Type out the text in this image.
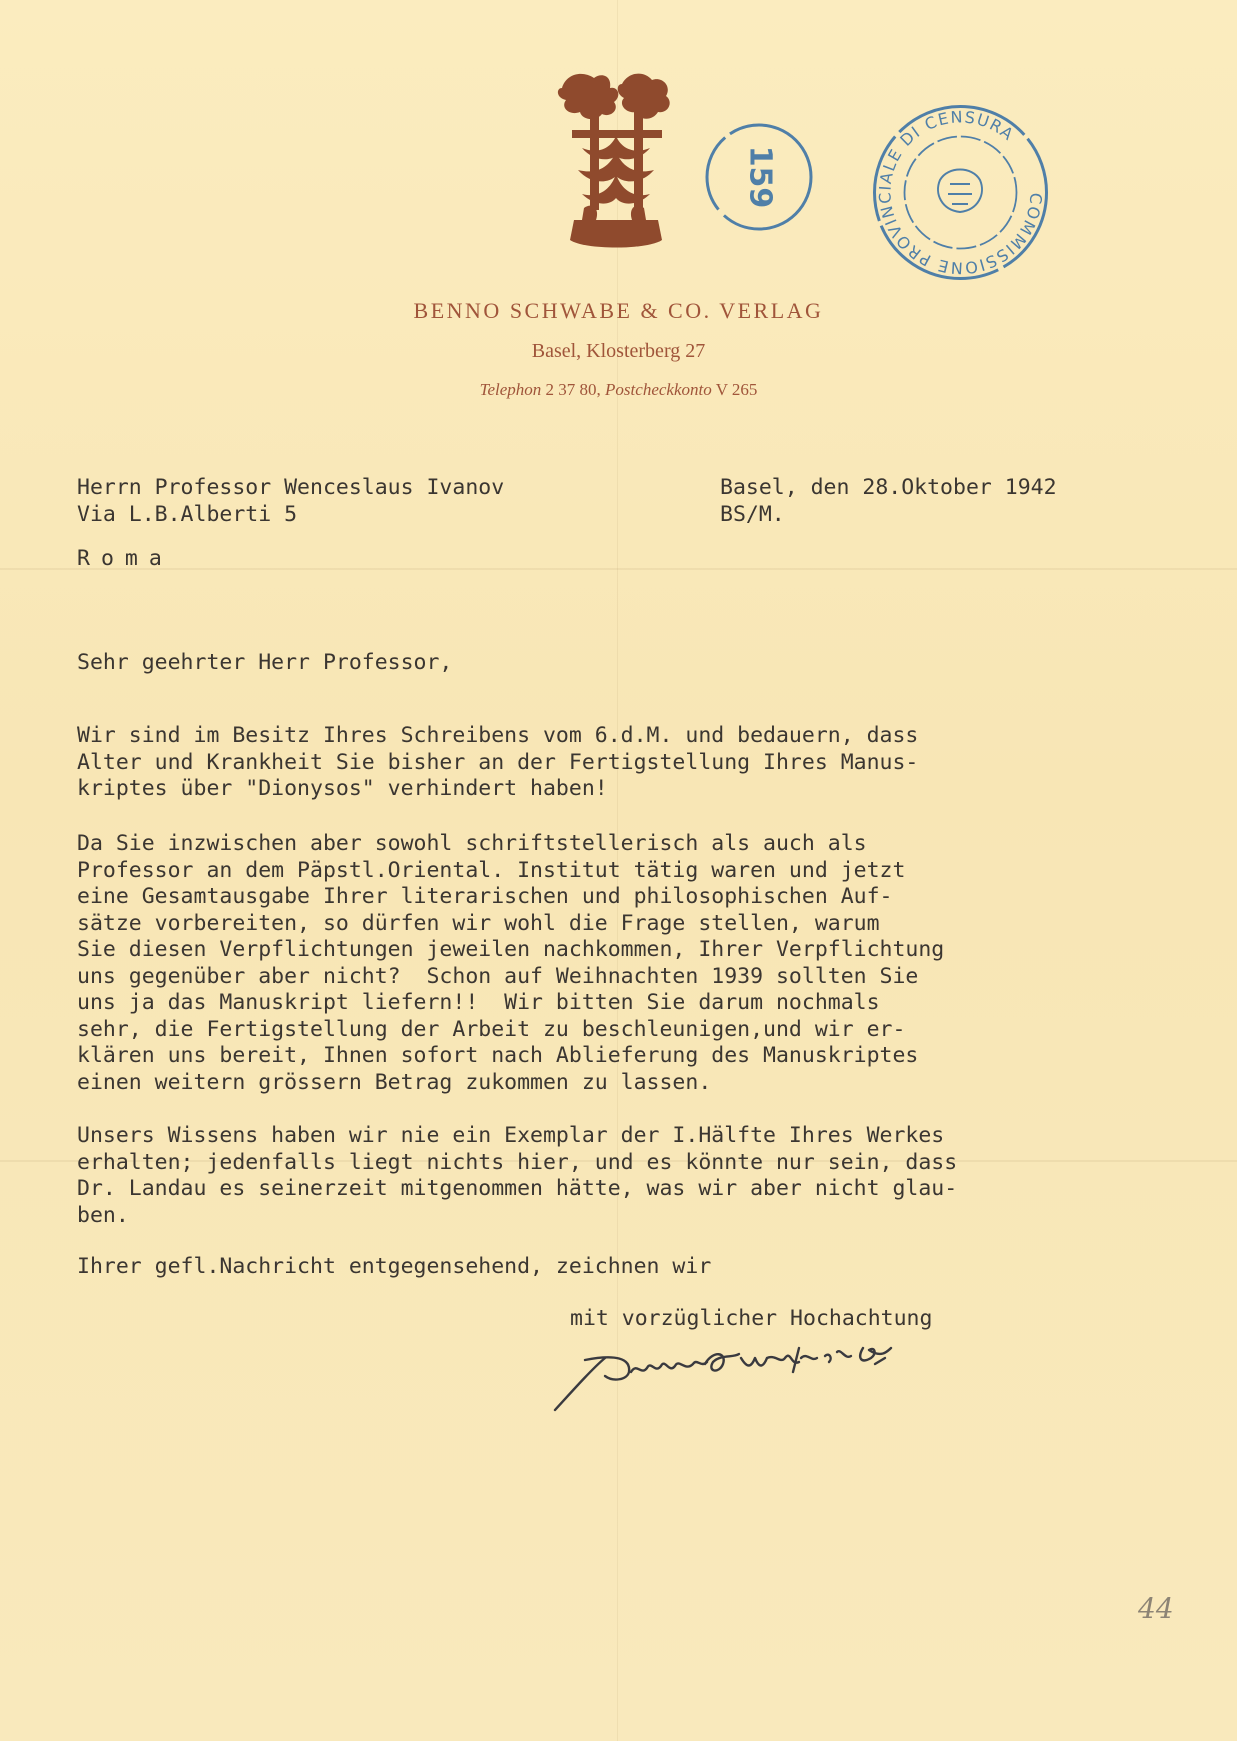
159	COMMISSIONE PROVINCIALE DI CENSURA
BENNO SCHWABE & CO. VERLAG
Basel, Klosterberg 27
Telephon 2 37 80, Postcheckkonto V 265
Herrn Professor Wenceslaus Ivanov
Via L.B.Alberti 5
Roma
Basel, den 28.Oktober 1942
BS/M.
Sehr geehrter Herr Professor,
Wir sind im Besitz Ihres Schreibens vom 6.d.M. und bedauern, dass
Alter und Krankheit Sie bisher an der Fertigstellung Ihres Manus-
kriptes über "Dionysos" verhindert haben!
Da Sie inzwischen aber sowohl schriftstellerisch als auch als
Professor an dem Päpstl.Oriental. Institut tätig waren und jetzt
eine Gesamtausgabe Ihrer literarischen und philosophischen Auf-
sätze vorbereiten, so dürfen wir wohl die Frage stellen, warum
Sie diesen Verpflichtungen jeweilen nachkommen, Ihrer Verpflichtung
uns gegenüber aber nicht?  Schon auf Weihnachten 1939 sollten Sie
uns ja das Manuskript liefern!!  Wir bitten Sie darum nochmals
sehr, die Fertigstellung der Arbeit zu beschleunigen,und wir er-
klären uns bereit, Ihnen sofort nach Ablieferung des Manuskriptes
einen weitern grössern Betrag zukommen zu lassen.
Unsers Wissens haben wir nie ein Exemplar der I.Hälfte Ihres Werkes
erhalten; jedenfalls liegt nichts hier, und es könnte nur sein, dass
Dr. Landau es seinerzeit mitgenommen hätte, was wir aber nicht glau-
ben.
Ihrer gefl.Nachricht entgegensehend, zeichnen wir
mit vorzüglicher Hochachtung
44
